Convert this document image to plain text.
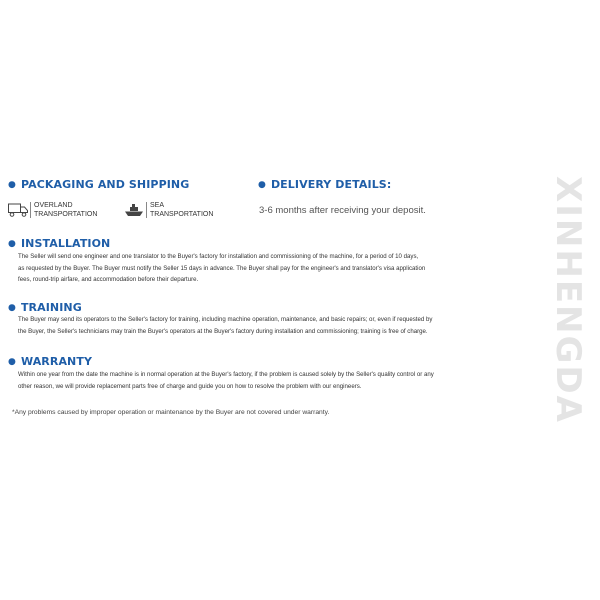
● PACKAGING AND SHIPPING
OVERLAND
TRANSPORTATION
SEA
TRANSPORTATION
● DELIVERY DETAILS:
3-6 months after receiving your deposit.
● INSTALLATION
The Seller will send one engineer and one translator to the Buyer's factory for installation and commissioning of the machine, for a period of 10 days,
as requested by the Buyer. The Buyer must notify the Seller 15 days in advance. The Buyer shall pay for the engineer's and translator's visa application
fees, round-trip airfare, and accommodation before their departure.
● TRAINING
The Buyer may send its operators to the Seller's factory for training, including machine operation, maintenance, and basic repairs; or, even if requested by
the Buyer, the Seller's technicians may train the Buyer's operators at the Buyer's factory during installation and commissioning; training is free of charge.
● WARRANTY
Within one year from the date the machine is in normal operation at the Buyer's factory, if the problem is caused solely by the Seller's quality control or any
other reason, we will provide replacement parts free of charge and guide you on how to resolve the problem with our engineers.
*Any problems caused by improper operation or maintenance by the Buyer are not covered under warranty.	XINHENGDA
